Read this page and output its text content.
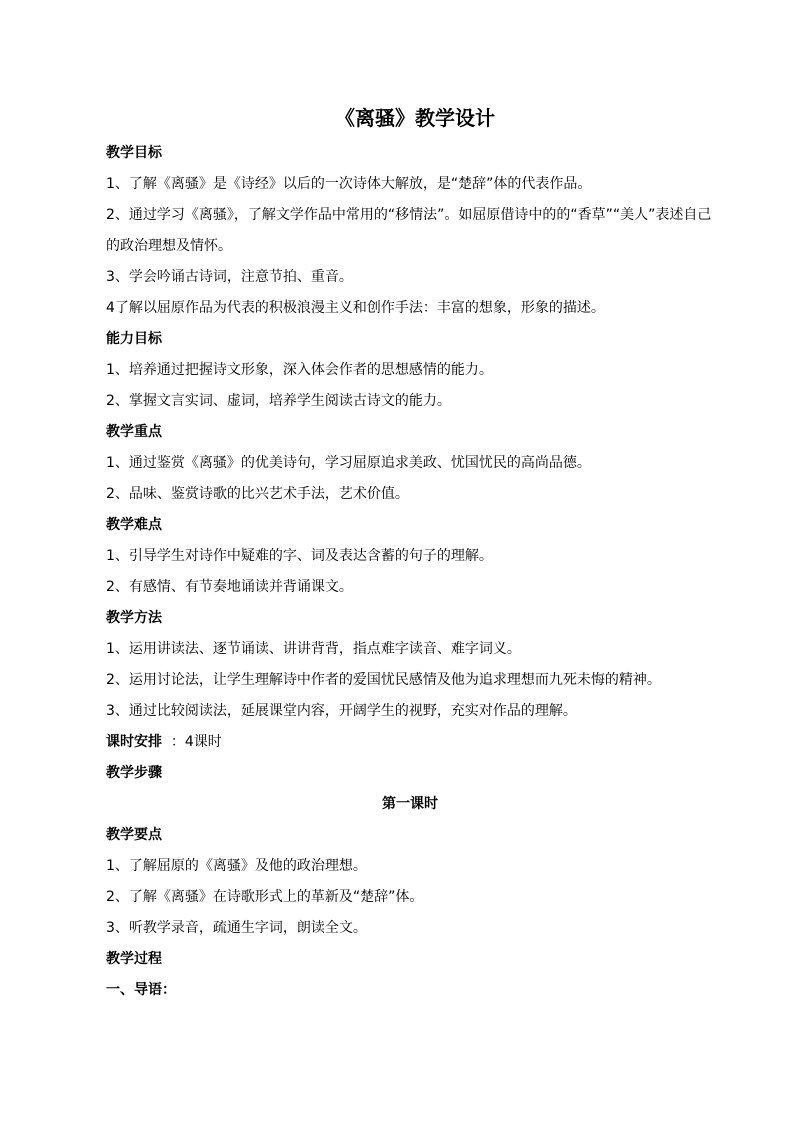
《离骚》教学设计
教学目标
1、了解《离骚》是《诗经》以后的一次诗体大解放，是“楚辞”体的代表作品。
2、通过学习《离骚》，了解文学作品中常用的“移情法”。如屈原借诗中的的“香草”“美人”表述自己的政治理想及情怀。
3、学会吟诵古诗词，注意节拍、重音。
4了解以屈原作品为代表的积极浪漫主义和创作手法：丰富的想象，形象的描述。
能力目标
1、培养通过把握诗文形象，深入体会作者的思想感情的能力。
2、掌握文言实词、虚词，培养学生阅读古诗文的能力。
教学重点
1、通过鉴赏《离骚》的优美诗句，学习屈原追求美政、忧国忧民的高尚品德。
2、品味、鉴赏诗歌的比兴艺术手法，艺术价值。
教学难点
1、引导学生对诗作中疑难的字、词及表达含蓄的句子的理解。
2、有感情、有节奏地诵读并背诵课文。
教学方法
1、运用讲读法、逐节诵读、讲讲背背，指点难字读音、难字词义。
2、运用讨论法，让学生理解诗中作者的爱国忧民感情及他为追求理想而九死未悔的精神。
3、通过比较阅读法，延展课堂内容，开阔学生的视野，充实对作品的理解。
课时安排  ：4课时
教学步骤
第一课时
教学要点
1、了解屈原的《离骚》及他的政治理想。
2、了解《离骚》在诗歌形式上的革新及“楚辞”体。
3、听教学录音，疏通生字词，朗读全文。
教学过程
一、导语：
